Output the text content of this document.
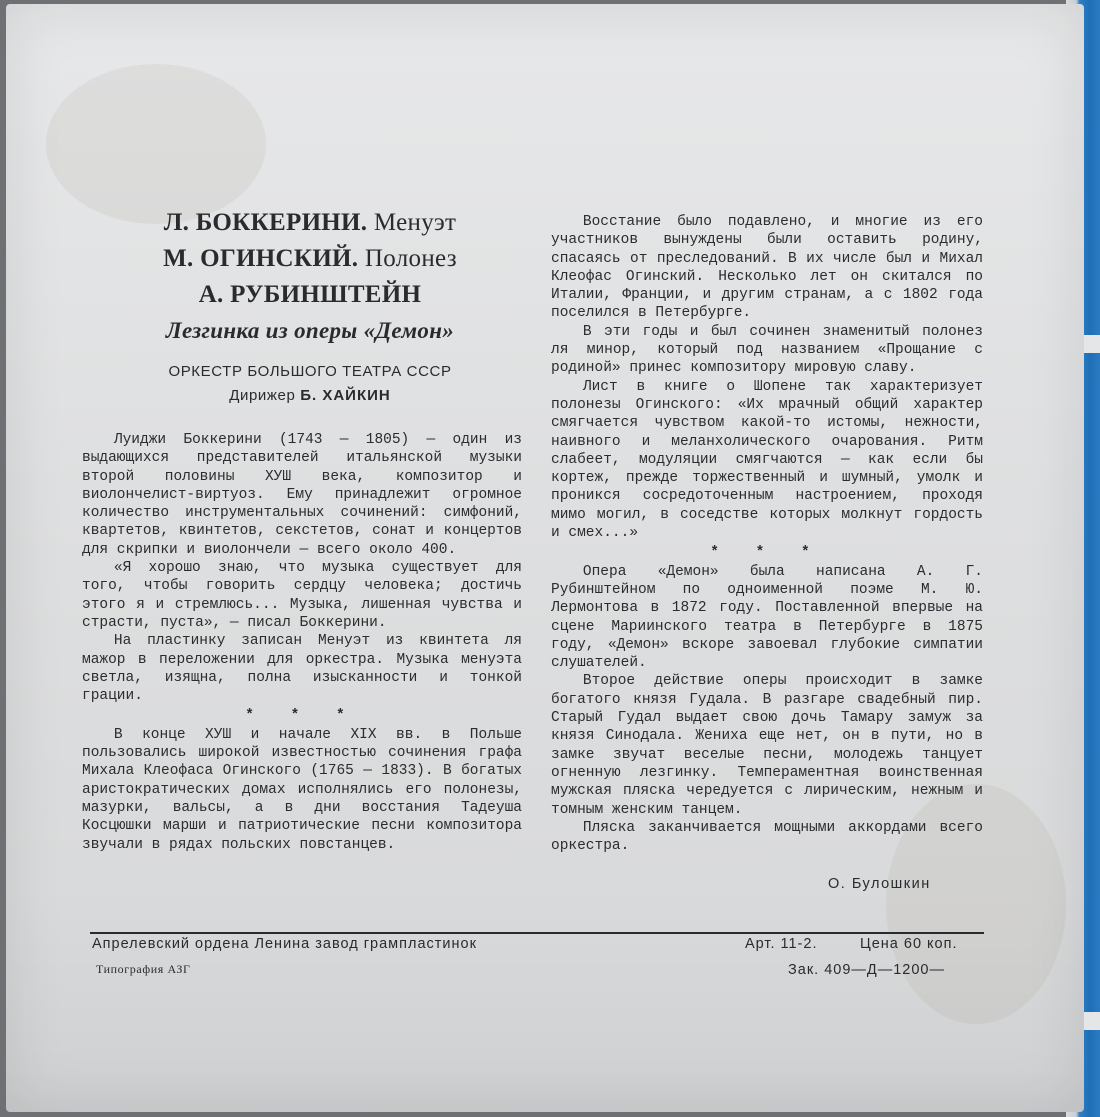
Л. БОККЕРИНИ. Менуэт
М. ОГИНСКИЙ. Полонез
А. РУБИНШТЕЙН
Лезгинка из оперы «Демон»
ОРКЕСТР БОЛЬШОГО ТЕАТРА СССР
Дирижер Б. ХАЙКИН

Луиджи Боккерини (1743 — 1805) — один из выдающихся представителей итальянской музыки второй половины ХУШ века, композитор и виолончелист-виртуоз. Ему принадлежит огромное количество инструментальных сочинений: симфоний, квартетов, квинтетов, секстетов, сонат и концертов для скрипки и виолончели — всего около 400.

«Я хорошо знаю, что музыка существует для того, чтобы говорить сердцу человека; достичь этого я и стремлюсь... Музыка, лишенная чувства и страсти, пуста», — писал Боккерини.

На пластинку записан Менуэт из квинтета ля мажор в переложении для оркестра. Музыка менуэта светла, изящна, полна изысканности и тонкой грации.

* * *

В конце ХУШ и начале XIX вв. в Польше пользовались широкой известностью сочинения графа Михала Клеофаса Огинского (1765 — 1833). В богатых аристократических домах исполнялись его полонезы, мазурки, вальсы, а в дни восстания Тадеуша Косцюшки марши и патриотические песни композитора звучали в рядах польских повстанцев.

Восстание было подавлено, и многие из его участников вынуждены были оставить родину, спасаясь от преследований. В их числе был и Михал Клеофас Огинский. Несколько лет он скитался по Италии, Франции, и другим странам, а с 1802 года поселился в Петербурге.

В эти годы и был сочинен знаменитый полонез ля минор, который под названием «Прощание с родиной» принес композитору мировую славу.

Лист в книге о Шопене так характеризует полонезы Огинского: «Их мрачный общий характер смягчается чувством какой-то истомы, нежности, наивного и меланхолического очарования. Ритм слабеет, модуляции смягчаются — как если бы кортеж, прежде торжественный и шумный, умолк и проникся сосредоточенным настроением, проходя мимо могил, в соседстве которых молкнут гордость и смех...»

* * *

Опера «Демон» была написана А. Г. Рубинштейном по одноименной поэме М. Ю. Лермонтова в 1872 году. Поставленной впервые на сцене Мариинского театра в Петербурге в 1875 году, «Демон» вскоре завоевал глубокие симпатии слушателей.

Второе действие оперы происходит в замке богатого князя Гудала. В разгаре свадебный пир. Старый Гудал выдает свою дочь Тамару замуж за князя Синодала. Жениха еще нет, он в пути, но в замке звучат веселые песни, молодежь танцует огненную лезгинку. Темпераментная воинственная мужская пляска чередуется с лирическим, нежным и томным женским танцем.

Пляска заканчивается мощными аккордами всего оркестра.

О. Булошкин
Апрелевский ордена Ленина завод грампластинок	Арт. 11-2.	Цена 60 коп.
Типография АЗГ	Зак. 409—Д—1200—
